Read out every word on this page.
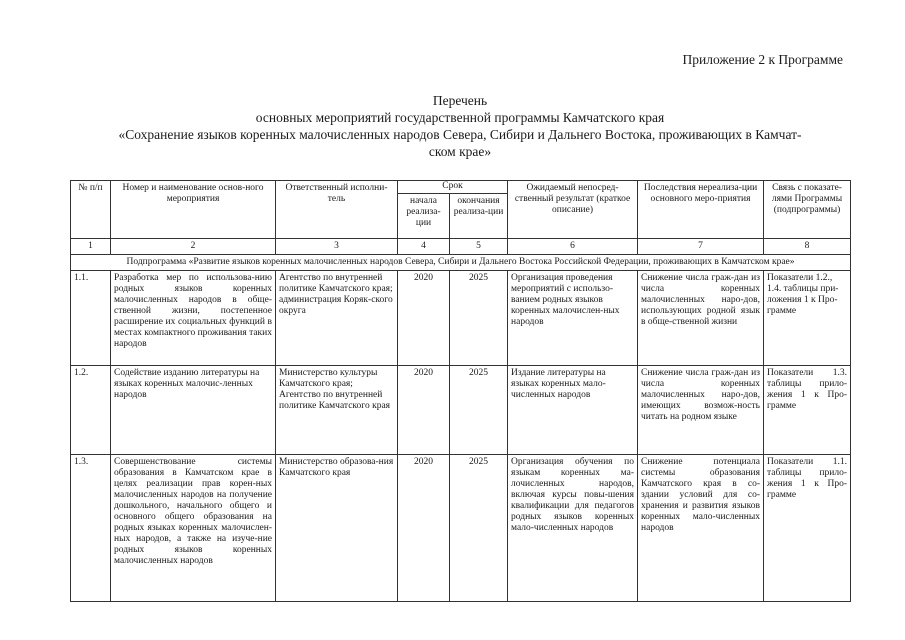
Приложение 2 к Программе
Перечень
основных мероприятий государственной программы Камчатского края
«Сохранение языков коренных малочисленных народов Севера, Сибири и Дальнего Востока, проживающих в Камчат-
ском крае»
№ п/п	Номер и наименование основ-ного мероприятия	Ответственный исполни-тель	Срок		Ожидаемый непосред-ственный результат (краткое описание)	Последствия нереализа-ции основного меро-приятия	Связь с показате-лями Программы (подпрограммы)
			начала реализа-ции	окончания реализа-ции			
1	2	3	4	5	6	7	8
Подпрограмма «Развитие языков коренных малочисленных народов Севера, Сибири и Дальнего Востока Российской Федерации, проживающих в Камчатском крае»							
1.1.	Разработка мер по использова-нию родных языков коренных малочисленных народов в обще-ственной жизни, постепенное расширение их социальных функций в местах компактного проживания таких народов	Агентство по внутренней политике Камчатского края; администрация Коряк-ского округа	2020	2025	Организация проведения мероприятий с использо-ванием родных языков коренных малочислен-ных народов	Снижение числа граж-дан из числа коренных малочисленных наро-дов, использующих родной язык в обще-ственной жизни	Показатели 1.2., 1.4. таблицы при-ложения 1 к Про-грамме
1.2.	Содействие изданию литературы на языках коренных малочис-ленных народов	Министерство культуры Камчатского края; Агентство по внутренней политике Камчатского края	2020	2025	Издание литературы на языках коренных мало-численных народов	Снижение числа граж-дан из числа коренных малочисленных наро-дов, имеющих возмож-ность читать на родном языке	Показатели 1.3. таблицы прило-жения 1 к Про-грамме
1.3.	Совершенствование системы образования в Камчатском крае в целях реализации прав корен-ных малочисленных народов на получение дошкольного, начального общего и основного общего образования на родных языках коренных малочислен-ных народов, а также на изуче-ние родных языков коренных малочисленных народов	Министерство образова-ния Камчатского края	2020	2025	Организация обучения по языкам коренных ма-лочисленных народов, включая курсы повы-шения квалификации для педагогов родных языков коренных мало-численных народов	Снижение потенциала системы образования Камчатского края в со-здании условий для со-хранения и развития языков коренных мало-численных народов	Показатели 1.1. таблицы прило-жения 1 к Про-грамме
